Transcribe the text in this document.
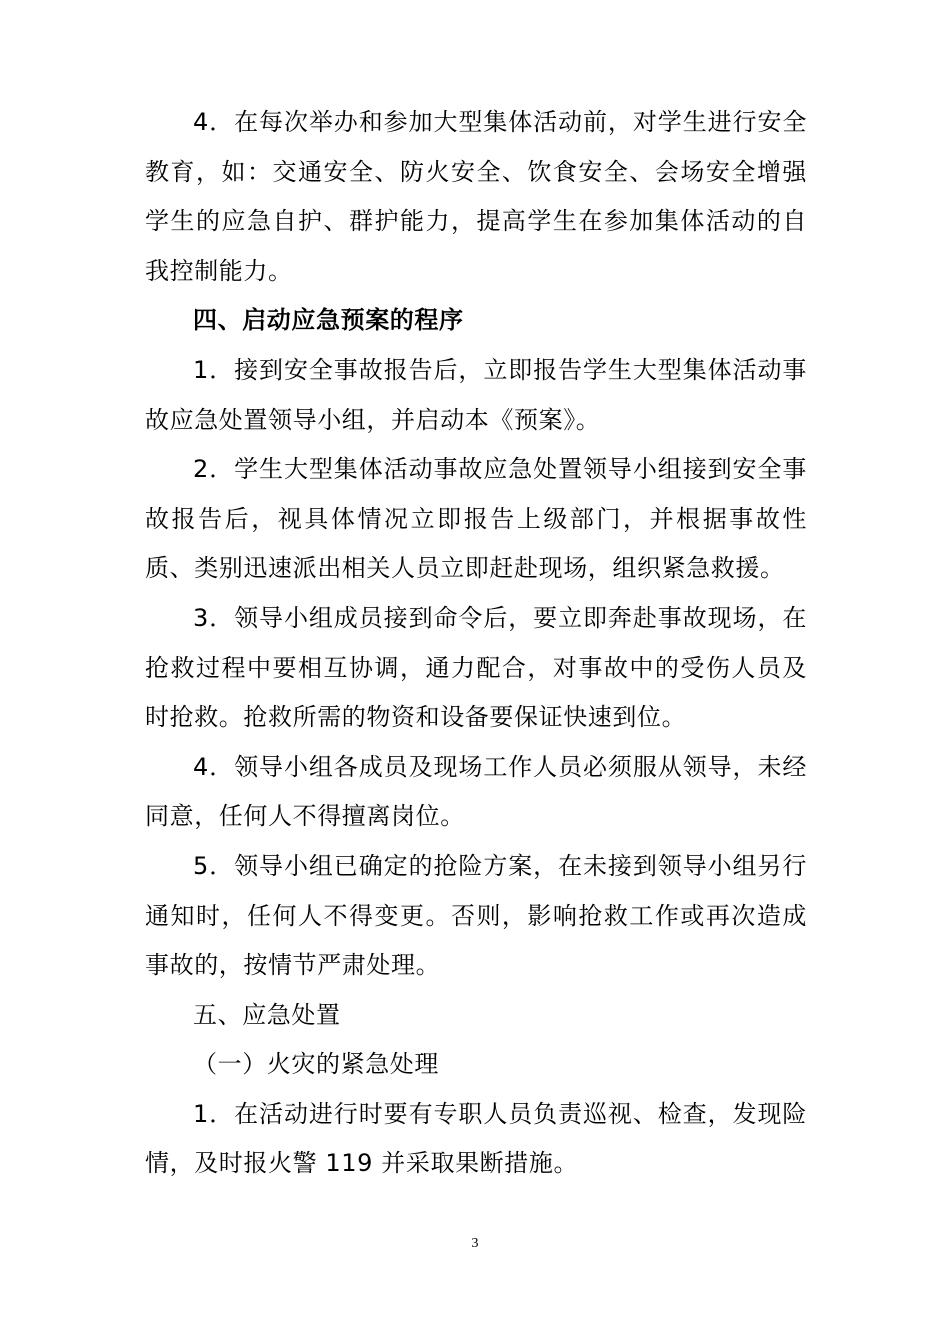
4．在每次举办和参加大型集体活动前，对学生进行安全教育，如：交通安全、防火安全、饮食安全、会场安全增强学生的应急自护、群护能力，提高学生在参加集体活动的自我控制能力。

四、启动应急预案的程序

1．接到安全事故报告后，立即报告学生大型集体活动事故应急处置领导小组，并启动本《预案》。

2．学生大型集体活动事故应急处置领导小组接到安全事故报告后，视具体情况立即报告上级部门，并根据事故性质、类别迅速派出相关人员立即赶赴现场，组织紧急救援。

3．领导小组成员接到命令后，要立即奔赴事故现场，在抢救过程中要相互协调，通力配合，对事故中的受伤人员及时抢救。抢救所需的物资和设备要保证快速到位。

4．领导小组各成员及现场工作人员必须服从领导，未经同意，任何人不得擅离岗位。

5．领导小组已确定的抢险方案，在未接到领导小组另行通知时，任何人不得变更。否则，影响抢救工作或再次造成事故的，按情节严肃处理。

五、应急处置

（一）火灾的紧急处理

1．在活动进行时要有专职人员负责巡视、检查，发现险情，及时报火警 119 并采取果断措施。

3
